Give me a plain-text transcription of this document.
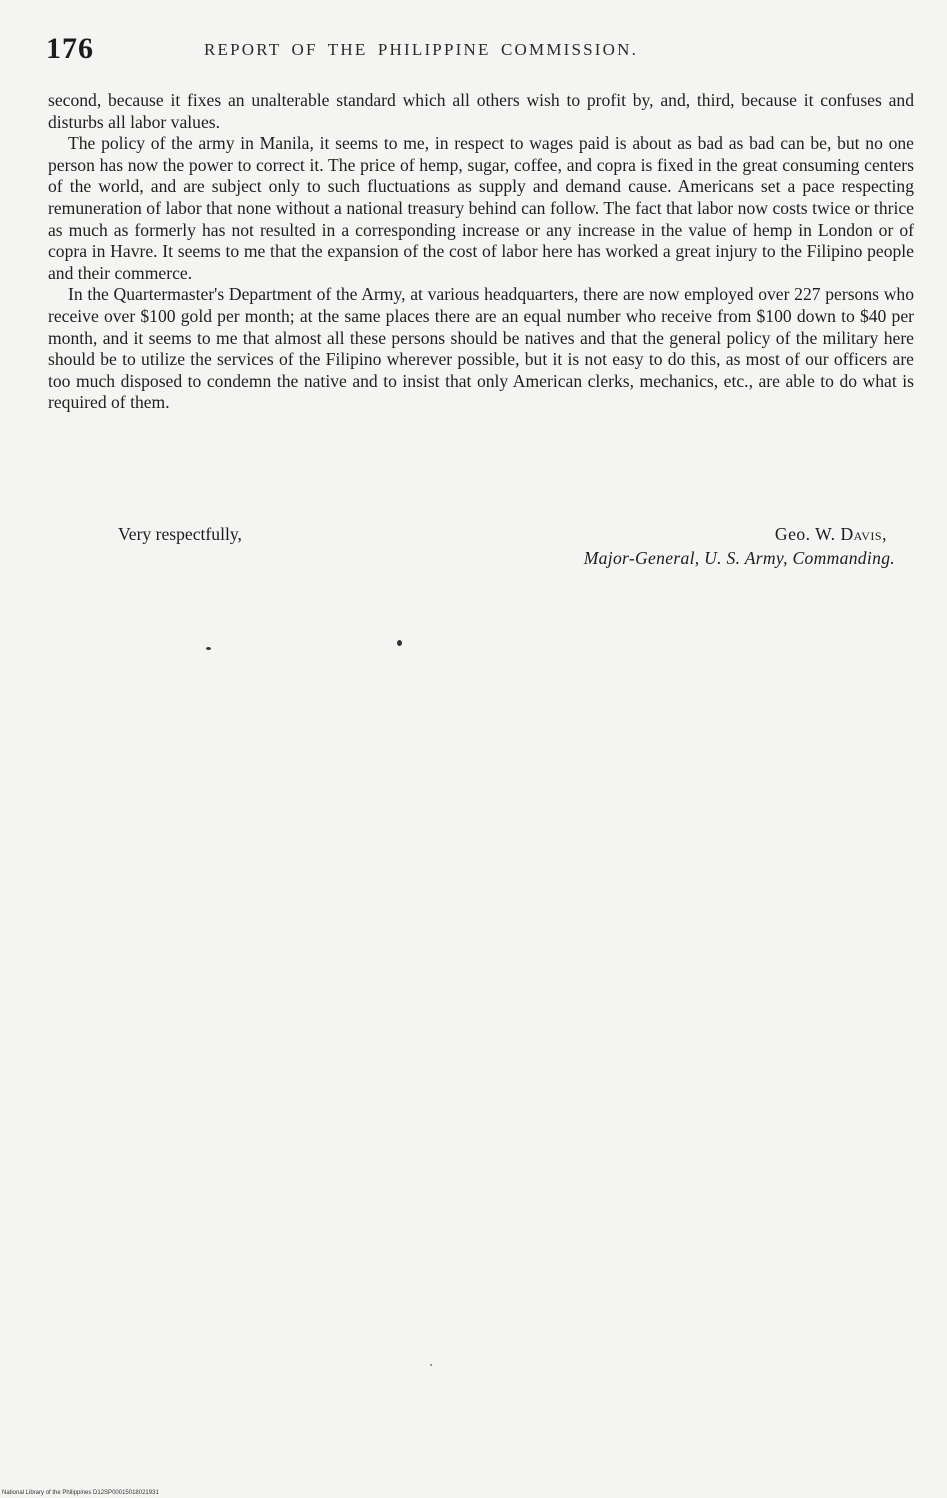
176	REPORT OF THE PHILIPPINE COMMISSION.

second, because it fixes an unalterable standard which all others wish to profit by, and, third, because it confuses and disturbs all labor values.

The policy of the army in Manila, it seems to me, in respect to wages paid is about as bad as bad can be, but no one person has now the power to correct it. The price of hemp, sugar, coffee, and copra is fixed in the great consuming centers of the world, and are subject only to such fluctuations as supply and demand cause. Americans set a pace respecting remuneration of labor that none without a national treasury behind can follow. The fact that labor now costs twice or thrice as much as formerly has not resulted in a corresponding increase or any increase in the value of hemp in London or of copra in Havre. It seems to me that the expansion of the cost of labor here has worked a great injury to the Filipino people and their commerce.

In the Quartermaster's Department of the Army, at various headquarters, there are now employed over 227 persons who receive over $100 gold per month; at the same places there are an equal number who receive from $100 down to $40 per month, and it seems to me that almost all these persons should be natives and that the general policy of the military here should be to utilize the services of the Filipino wherever possible, but it is not easy to do this, as most of our officers are too much disposed to condemn the native and to insist that only American clerks, mechanics, etc., are able to do what is required of them.

Very respectfully,	Geo. W. Davis,
Major-General, U. S. Army, Commanding.
National Library of the Philippines D12SP00015018021931
